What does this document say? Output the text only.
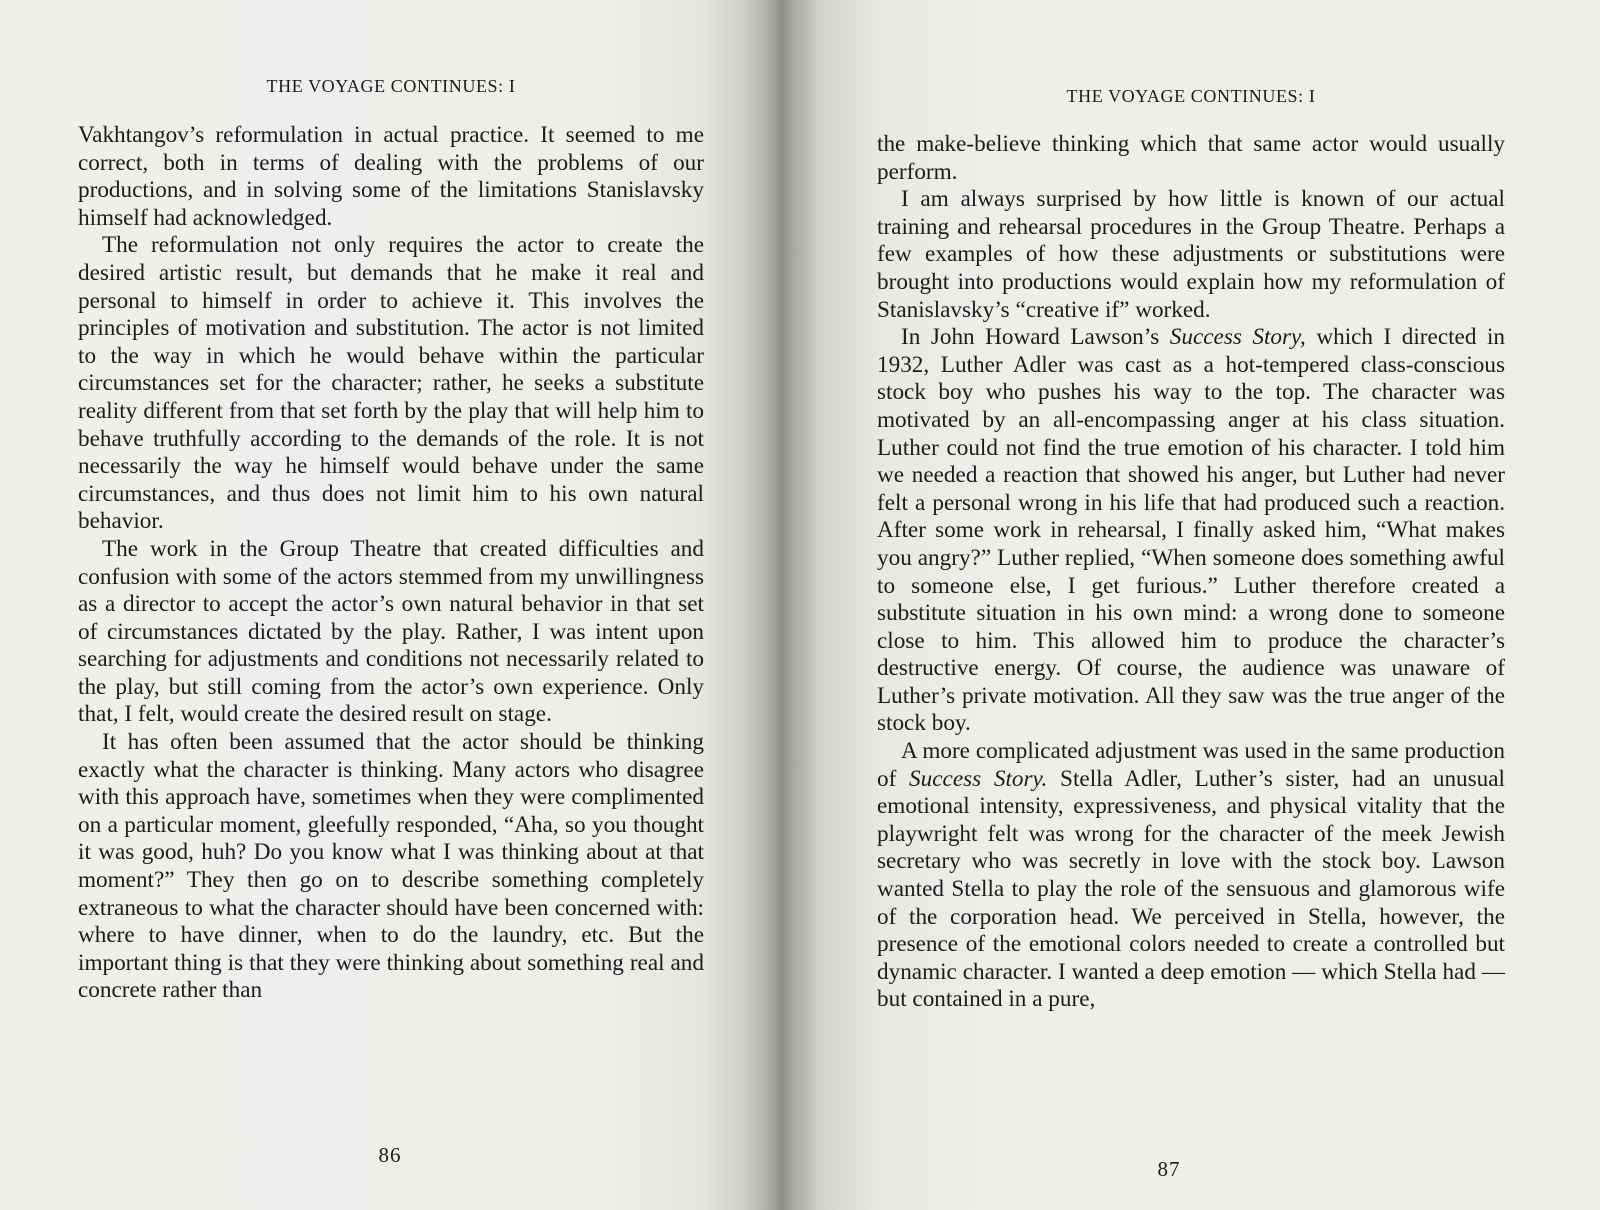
THE VOYAGE CONTINUES: I

Vakhtangov’s reformulation in actual practice. It seemed to me correct, both in terms of dealing with the problems of our productions, and in solving some of the limitations Stanislavsky himself had acknowledged.

The reformulation not only requires the actor to create the desired artistic result, but demands that he make it real and personal to himself in order to achieve it. This involves the principles of motivation and substitution. The actor is not limited to the way in which he would behave within the particular circumstances set for the character; rather, he seeks a substitute reality different from that set forth by the play that will help him to behave truthfully according to the demands of the role. It is not necessarily the way he himself would behave under the same circumstances, and thus does not limit him to his own natural behavior.

The work in the Group Theatre that created difficulties and confusion with some of the actors stemmed from my unwillingness as a director to accept the actor’s own natural behavior in that set of circumstances dictated by the play. Rather, I was intent upon searching for adjustments and conditions not necessarily related to the play, but still coming from the actor’s own experience. Only that, I felt, would create the desired result on stage.

It has often been assumed that the actor should be thinking exactly what the character is thinking. Many actors who disagree with this approach have, sometimes when they were complimented on a particular moment, gleefully responded, “Aha, so you thought it was good, huh? Do you know what I was thinking about at that moment?” They then go on to describe something completely extraneous to what the character should have been concerned with: where to have dinner, when to do the laundry, etc. But the important thing is that they were thinking about something real and concrete rather than

86
THE VOYAGE CONTINUES: I

the make-believe thinking which that same actor would usually perform.

I am always surprised by how little is known of our actual training and rehearsal procedures in the Group Theatre. Perhaps a few examples of how these adjustments or substitutions were brought into productions would explain how my reformulation of Stanislavsky’s “creative if” worked.

In John Howard Lawson’s Success Story, which I directed in 1932, Luther Adler was cast as a hot-tempered class-conscious stock boy who pushes his way to the top. The character was motivated by an all-encompassing anger at his class situation. Luther could not find the true emotion of his character. I told him we needed a reaction that showed his anger, but Luther had never felt a personal wrong in his life that had produced such a reaction. After some work in rehearsal, I finally asked him, “What makes you angry?” Luther replied, “When someone does something awful to someone else, I get furious.” Luther therefore created a substitute situation in his own mind: a wrong done to someone close to him. This allowed him to produce the character’s destructive energy. Of course, the audience was unaware of Luther’s private motivation. All they saw was the true anger of the stock boy.

A more complicated adjustment was used in the same production of Success Story. Stella Adler, Luther’s sister, had an unusual emotional intensity, expressiveness, and physical vitality that the playwright felt was wrong for the character of the meek Jewish secretary who was secretly in love with the stock boy. Lawson wanted Stella to play the role of the sensuous and glamorous wife of the corporation head. We perceived in Stella, however, the presence of the emotional colors needed to create a controlled but dynamic character. I wanted a deep emotion — which Stella had — but contained in a pure,

87
